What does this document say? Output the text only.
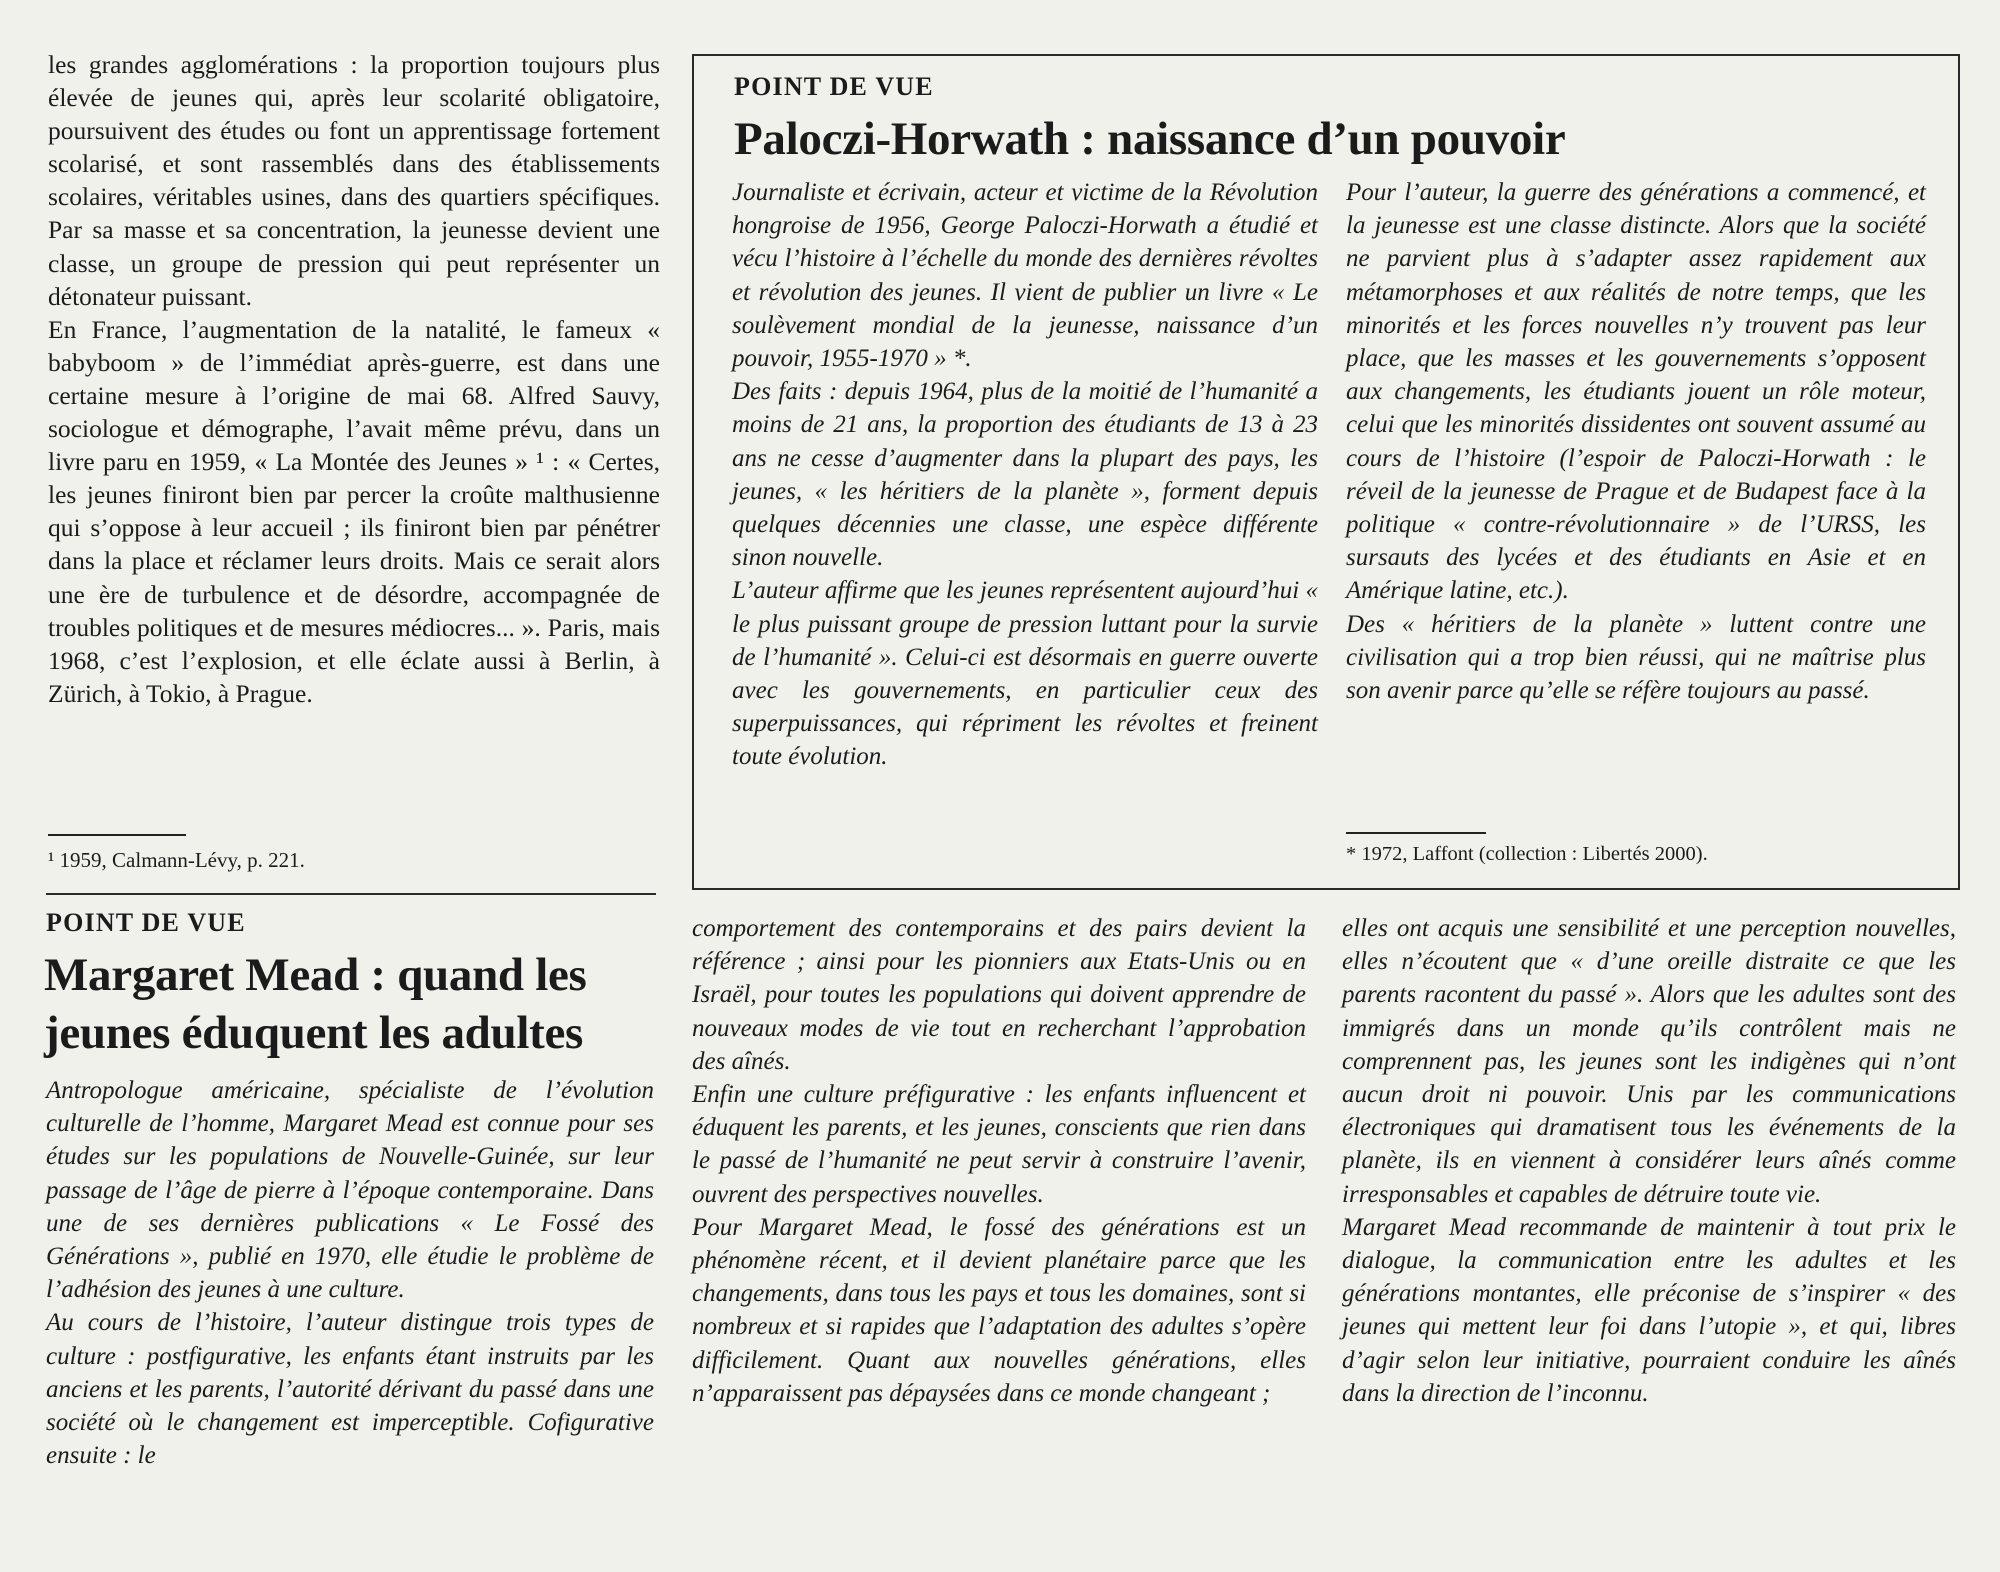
les grandes agglomérations : la proportion toujours plus élevée de jeunes qui, après leur scolarité obligatoire, poursuivent des études ou font un apprentissage fortement scolarisé, et sont rassemblés dans des établissements scolaires, véritables usines, dans des quartiers spécifiques. Par sa masse et sa concentration, la jeunesse devient une classe, un groupe de pression qui peut représenter un détonateur puissant.

En France, l’augmentation de la natalité, le fameux « babyboom » de l’immédiat après-guerre, est dans une certaine mesure à l’origine de mai 68. Alfred Sauvy, sociologue et démographe, l’avait même prévu, dans un livre paru en 1959, « La Montée des Jeunes » ¹ : « Certes, les jeunes finiront bien par percer la croûte malthusienne qui s’oppose à leur accueil ; ils finiront bien par pénétrer dans la place et réclamer leurs droits. Mais ce serait alors une ère de turbulence et de désordre, accompagnée de troubles politiques et de mesures médiocres... ». Paris, mais 1968, c’est l’explosion, et elle éclate aussi à Berlin, à Zürich, à Tokio, à Prague.

¹ 1959, Calmann-Lévy, p. 221.

POINT DE VUE

Paloczi-Horwath : naissance d’un pouvoir

Journaliste et écrivain, acteur et victime de la Révolution hongroise de 1956, George Paloczi-Horwath a étudié et vécu l’histoire à l’échelle du monde des dernières révoltes et révolution des jeunes. Il vient de publier un livre « Le soulèvement mondial de la jeunesse, naissance d’un pouvoir, 1955-1970 » *.

Des faits : depuis 1964, plus de la moitié de l’humanité a moins de 21 ans, la proportion des étudiants de 13 à 23 ans ne cesse d’augmenter dans la plupart des pays, les jeunes, « les héritiers de la planète », forment depuis quelques décennies une classe, une espèce différente sinon nouvelle.

L’auteur affirme que les jeunes représentent aujourd’hui « le plus puissant groupe de pression luttant pour la survie de l’humanité ». Celui-ci est désormais en guerre ouverte avec les gouvernements, en particulier ceux des superpuissances, qui répriment les révoltes et freinent toute évolution.

Pour l’auteur, la guerre des générations a commencé, et la jeunesse est une classe distincte. Alors que la société ne parvient plus à s’adapter assez rapidement aux métamorphoses et aux réalités de notre temps, que les minorités et les forces nouvelles n’y trouvent pas leur place, que les masses et les gouvernements s’opposent aux changements, les étudiants jouent un rôle moteur, celui que les minorités dissidentes ont souvent assumé au cours de l’histoire (l’espoir de Paloczi-Horwath : le réveil de la jeunesse de Prague et de Budapest face à la politique « contre-révolutionnaire » de l’URSS, les sursauts des lycées et des étudiants en Asie et en Amérique latine, etc.).

Des « héritiers de la planète » luttent contre une civilisation qui a trop bien réussi, qui ne maîtrise plus son avenir parce qu’elle se réfère toujours au passé.

* 1972, Laffont (collection : Libertés 2000).

POINT DE VUE

Margaret Mead : quand les jeunes éduquent les adultes

Antropologue américaine, spécialiste de l’évolution culturelle de l’homme, Margaret Mead est connue pour ses études sur les populations de Nouvelle-Guinée, sur leur passage de l’âge de pierre à l’époque contemporaine. Dans une de ses dernières publications « Le Fossé des Générations », publié en 1970, elle étudie le problème de l’adhésion des jeunes à une culture.

Au cours de l’histoire, l’auteur distingue trois types de culture : postfigurative, les enfants étant instruits par les anciens et les parents, l’autorité dérivant du passé dans une société où le changement est imperceptible. Cofigurative ensuite : le

comportement des contemporains et des pairs devient la référence ; ainsi pour les pionniers aux Etats-Unis ou en Israël, pour toutes les populations qui doivent apprendre de nouveaux modes de vie tout en recherchant l’approbation des aînés.

Enfin une culture préfigurative : les enfants influencent et éduquent les parents, et les jeunes, conscients que rien dans le passé de l’humanité ne peut servir à construire l’avenir, ouvrent des perspectives nouvelles.

Pour Margaret Mead, le fossé des générations est un phénomène récent, et il devient planétaire parce que les changements, dans tous les pays et tous les domaines, sont si nombreux et si rapides que l’adaptation des adultes s’opère difficilement. Quant aux nouvelles générations, elles n’apparaissent pas dépaysées dans ce monde changeant ;

elles ont acquis une sensibilité et une perception nouvelles, elles n’écoutent que « d’une oreille distraite ce que les parents racontent du passé ». Alors que les adultes sont des immigrés dans un monde qu’ils contrôlent mais ne comprennent pas, les jeunes sont les indigènes qui n’ont aucun droit ni pouvoir. Unis par les communications électroniques qui dramatisent tous les événements de la planète, ils en viennent à considérer leurs aînés comme irresponsables et capables de détruire toute vie.

Margaret Mead recommande de maintenir à tout prix le dialogue, la communication entre les adultes et les générations montantes, elle préconise de s’inspirer « des jeunes qui mettent leur foi dans l’utopie », et qui, libres d’agir selon leur initiative, pourraient conduire les aînés dans la direction de l’inconnu.
